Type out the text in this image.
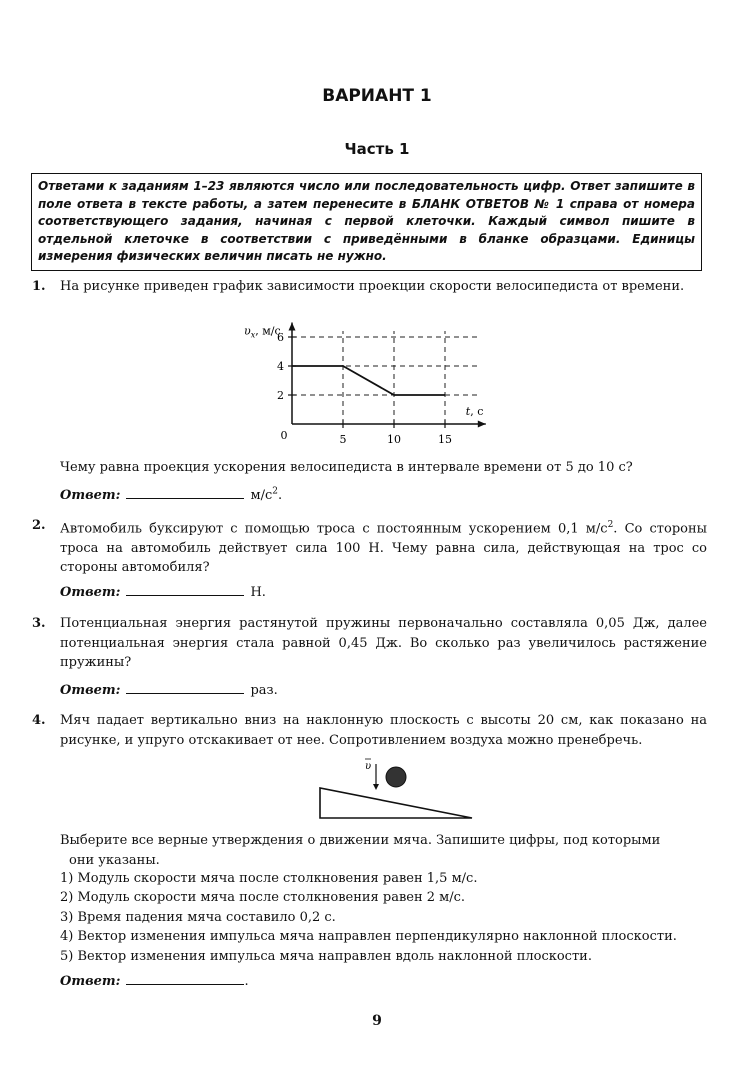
ВАРИАНТ 1
Часть 1
Ответами к заданиям 1–23 являются число или последовательность цифр. Ответ запишите в поле ответа в тексте работы, а затем перенесите в БЛАНК ОТВЕТОВ № 1 справа от номера соответствующего задания, начиная с первой клеточки. Каждый символ пишите в отдельной клеточке в соответствии с приведёнными в бланке образцами. Единицы измерения физических величин писать не нужно.
1. На рисунке приведен график зависимости проекции скорости велосипедиста от времени.
2
4
6
5	10	15
0
$\upsilon_x$, м/с
t, с
Чему равна проекция ускорения велосипедиста в интервале времени от 5 до 10 с?
Ответ:	$м/с^2$.
2. Автомобиль буксируют с помощью троса с постоянным ускорением 0,1 $м/с^2$. Со стороны троса на автомобиль действует сила 100 Н. Чему равна сила, действующая на трос со стороны автомобиля?
Ответ:	Н.
3. Потенциальная энергия растянутой пружины первоначально составляла 0,05 Дж, далее потенциальная энергия стала равной 0,45 Дж. Во сколько раз увеличилось растяжение пружины?
Ответ:	раз.
4. Мяч падает вертикально вниз на наклонную плоскость с высоты 20 см, как показано на рисунке, и упруго отскакивает от нее. Сопротивлением воздуха можно пренебречь.
υ
Выберите все верные утверждения о движении мяча. Запишите цифры, под которыми
они указаны.
1) Модуль скорости мяча после столкновения равен 1,5 м/с.
2) Модуль скорости мяча после столкновения равен 2 м/с.
3) Время падения мяча составило 0,2 с.
4) Вектор изменения импульса мяча направлен перпендикулярно наклонной плоскости.
5) Вектор изменения импульса мяча направлен вдоль наклонной плоскости.
Ответ:	.
9
